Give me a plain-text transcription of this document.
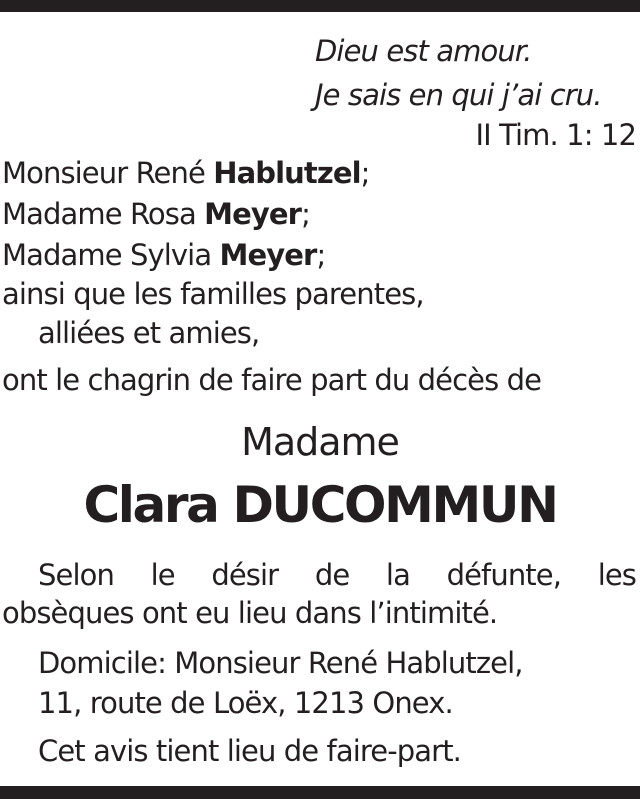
Dieu est amour.
Je sais en qui j’ai cru.
II Tim. 1: 12
Monsieur René Hablutzel;
Madame Rosa Meyer;
Madame Sylvia Meyer;
ainsi que les familles parentes,
alliées et amies,
ont le chagrin de faire part du décès de
Madame
Clara DUCOMMUN
Selon le désir de la défunte, les
obsèques ont eu lieu dans l’intimité.
Domicile: Monsieur René Hablutzel,
11, route de Loëx, 1213 Onex.
Cet avis tient lieu de faire-part.
